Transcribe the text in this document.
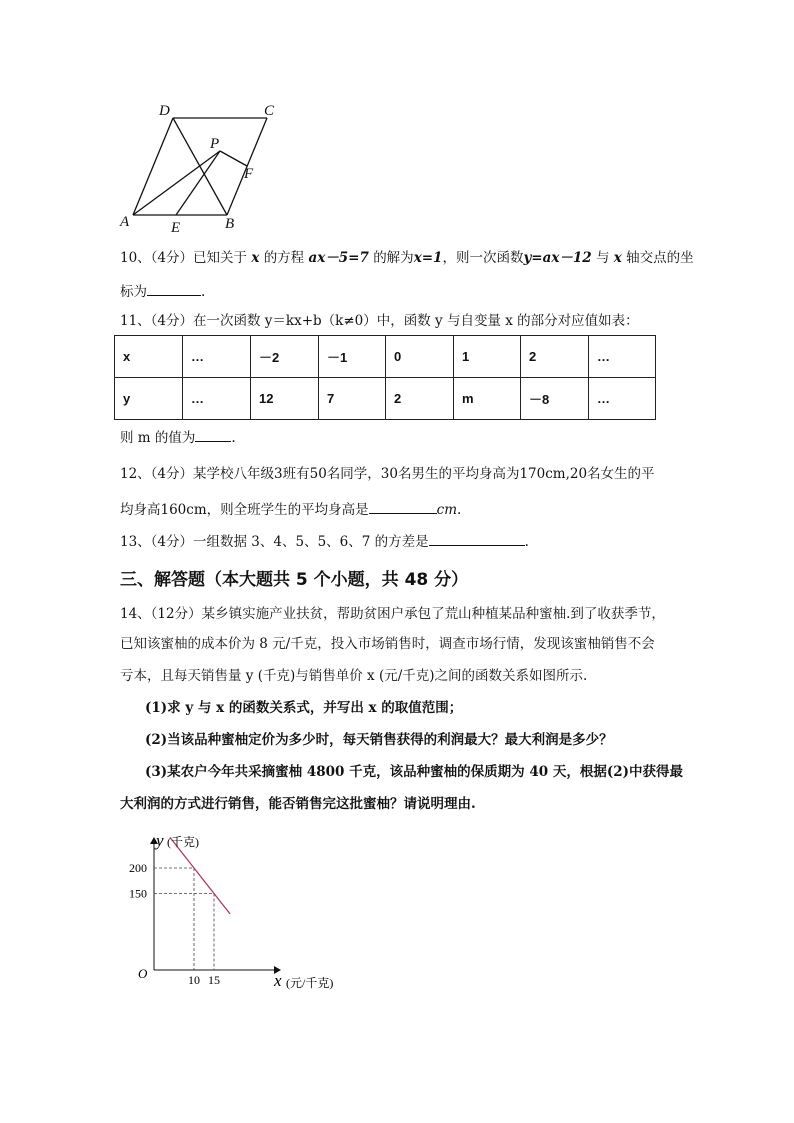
D	C
P
F
A	E	B
10、（4分）已知关于 x 的方程 ax－5=7 的解为x=1，则一次函数y=ax－12 与 x 轴交点的坐
标为	.
11、（4分）在一次函数 y＝kx+b（k≠0）中，函数 y 与自变量 x 的部分对应值如表：
x	…	－2	－1	0	1	2	…
y	…	12	7	2	m	－8	…
则 m 的值为	.
12、（4分）某学校八年级3班有50名同学，30名男生的平均身高为170cm,20名女生的平
均身高160cm，则全班学生的平均身高是	cm.
13、（4分）一组数据 3、4、5、5、6、7 的方差是	.
三、解答题（本大题共 5 个小题，共 48 分）
14、（12分）某乡镇实施产业扶贫，帮助贫困户承包了荒山种植某品种蜜柚.到了收获季节，
已知该蜜柚的成本价为 8 元/千克，投入市场销售时，调查市场行情，发现该蜜柚销售不会
亏本，且每天销售量 y (千克)与销售单价 x (元/千克)之间的函数关系如图所示.
(1)求 y 与 x 的函数关系式，并写出 x 的取值范围；
(2)当该品种蜜柚定价为多少时，每天销售获得的利润最大？最大利润是多少？
(3)某农户今年共采摘蜜柚 4800 千克，该品种蜜柚的保质期为 40 天，根据(2)中获得最
大利润的方式进行销售，能否销售完这批蜜柚？请说明理由.
10 15
200
150
y (千克)
x (元/千克)
O
